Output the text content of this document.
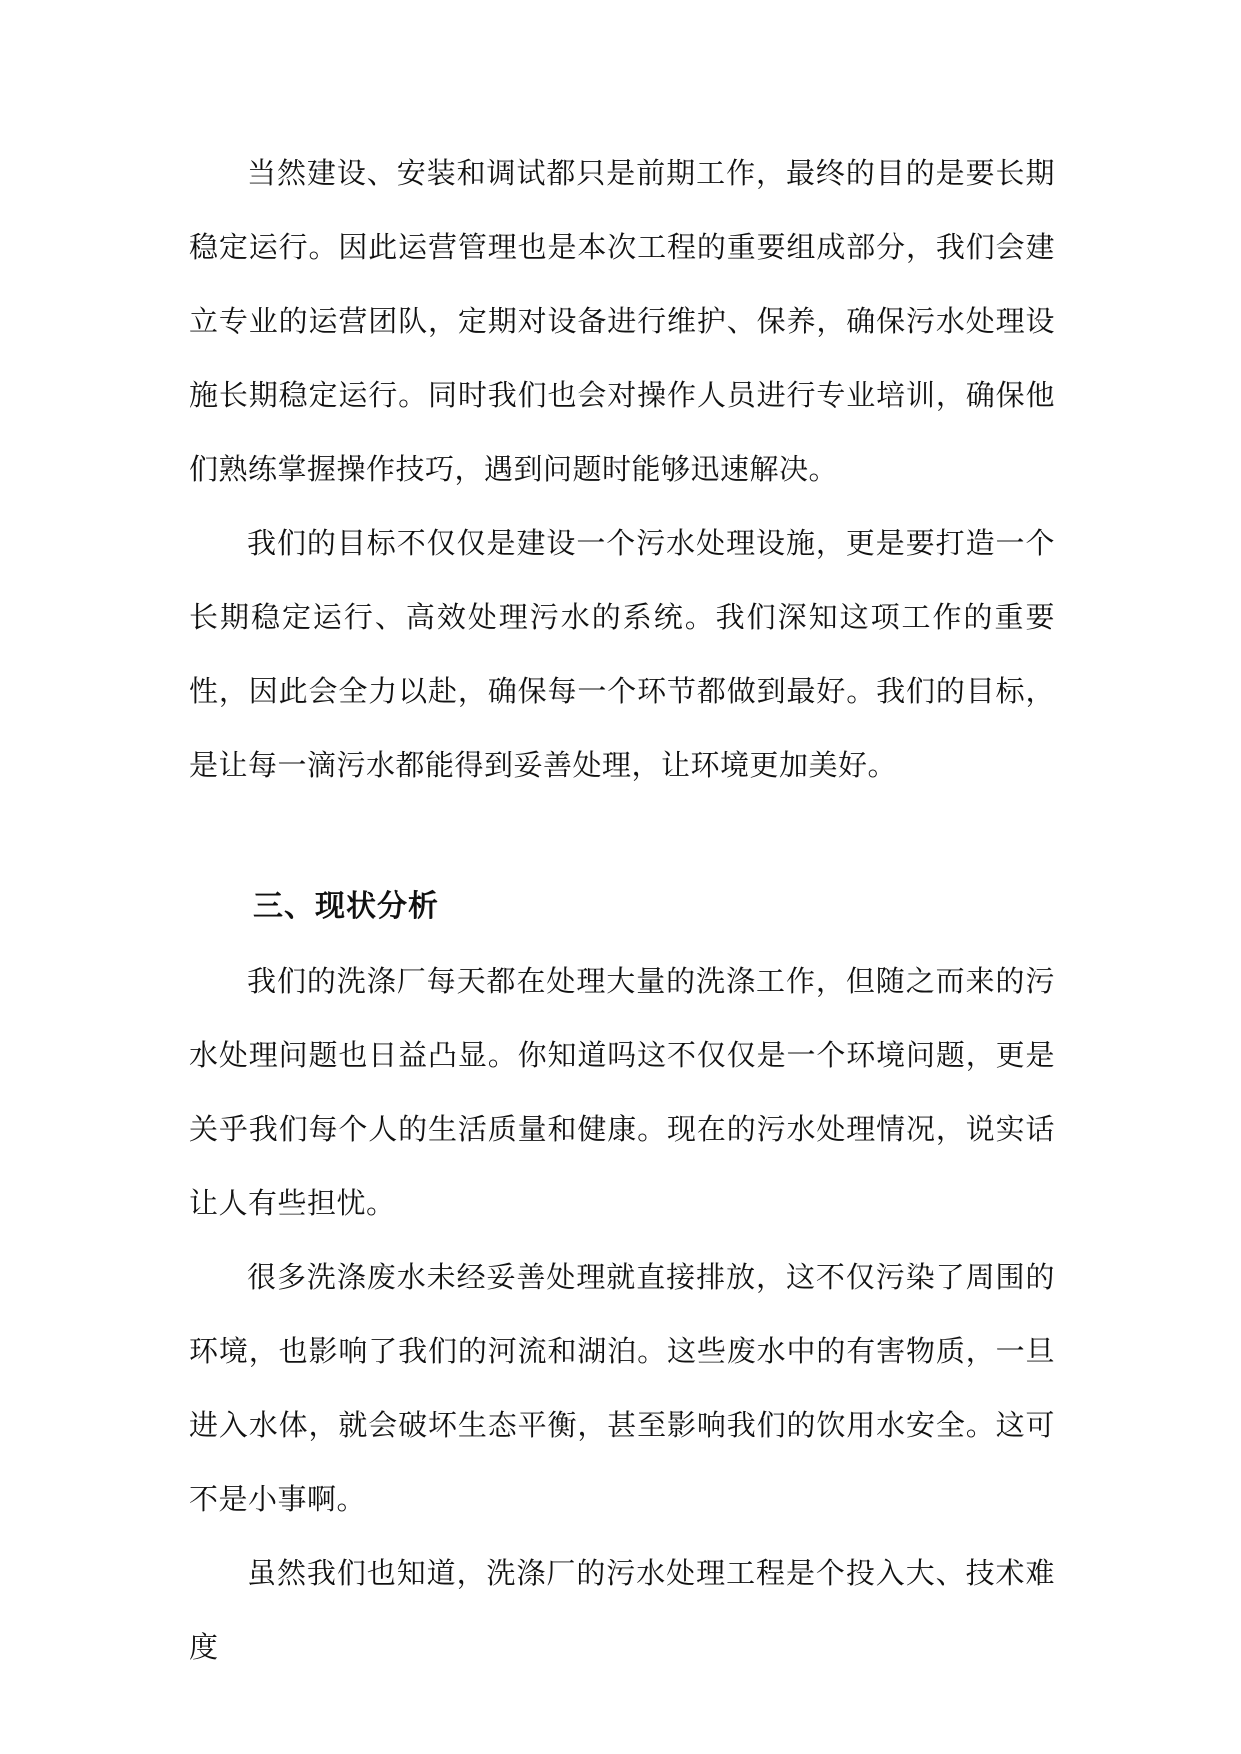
当然建设、安装和调试都只是前期工作，最终的目的是要长期稳定运行。因此运营管理也是本次工程的重要组成部分，我们会建立专业的运营团队，定期对设备进行维护、保养，确保污水处理设施长期稳定运行。同时我们也会对操作人员进行专业培训，确保他们熟练掌握操作技巧，遇到问题时能够迅速解决。

我们的目标不仅仅是建设一个污水处理设施，更是要打造一个长期稳定运行、高效处理污水的系统。我们深知这项工作的重要性，因此会全力以赴，确保每一个环节都做到最好。我们的目标，是让每一滴污水都能得到妥善处理，让环境更加美好。

三、现状分析

我们的洗涤厂每天都在处理大量的洗涤工作，但随之而来的污水处理问题也日益凸显。你知道吗这不仅仅是一个环境问题，更是关乎我们每个人的生活质量和健康。现在的污水处理情况，说实话让人有些担忧。

很多洗涤废水未经妥善处理就直接排放，这不仅污染了周围的环境，也影响了我们的河流和湖泊。这些废水中的有害物质，一旦进入水体，就会破坏生态平衡，甚至影响我们的饮用水安全。这可不是小事啊。

虽然我们也知道，洗涤厂的污水处理工程是个投入大、技术难度
